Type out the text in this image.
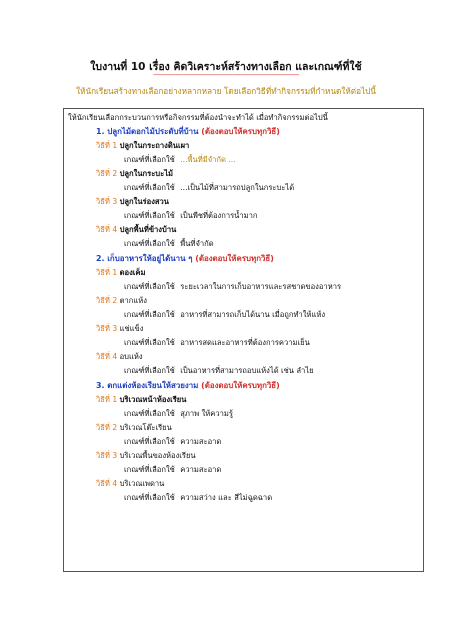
ใบงานที่ 10 เรื่อง คิดวิเคราะห์สร้างทางเลือก และเกณฑ์ที่ใช้
------------------------------------------------------------------------
ให้นักเรียนสร้างทางเลือกอย่างหลากหลาย โดยเลือกวิธีที่ทำกิจกรรมที่กำหนดให้ต่อไปนี้
ให้นักเรียนเลือกกระบวนการหรือกิจกรรมที่ต้องนำจะทำได้ เมื่อทำกิจกรรมต่อไปนี้
1. ปลูกไม้ดอกไม้ประดับที่บ้าน (ต้องตอบให้ครบทุกวิธี)
วิธีที่ 1 ปลูกในกระถางดินเผา
เกณฑ์ที่เลือกใช้ ...พื้นที่มีจำกัด ...
วิธีที่ 2 ปลูกในกระบะไม้
เกณฑ์ที่เลือกใช้ ...เป็นไม้ที่สามารถปลูกในกระบะได้
วิธีที่ 3 ปลูกในร่องสวน
เกณฑ์ที่เลือกใช้ เป็นพืชที่ต้องการน้ำมาก
วิธีที่ 4 ปลูกพื้นที่ข้างบ้าน
เกณฑ์ที่เลือกใช้ พื้นที่จำกัด
2. เก็บอาหารให้อยู่ได้นาน ๆ (ต้องตอบให้ครบทุกวิธี)
วิธีที่ 1 ดองเค็ม
เกณฑ์ที่เลือกใช้ ระยะเวลาในการเก็บอาหารและรสชาดของอาหาร
วิธีที่ 2 ตากแห้ง
เกณฑ์ที่เลือกใช้ อาหารที่สามารถเก็บได้นาน เมื่อถูกทำให้แห้ง
วิธีที่ 3 แช่แข็ง
เกณฑ์ที่เลือกใช้ อาหารสดและอาหารที่ต้องการความเย็น
วิธีที่ 4 อบแห้ง
เกณฑ์ที่เลือกใช้ เป็นอาหารที่สามารถอบแห้งได้ เช่น ลำไย
3. ตกแต่งห้องเรียนให้สวยงาม (ต้องตอบให้ครบทุกวิธี)
วิธีที่ 1 บริเวณหน้าห้องเรียน
เกณฑ์ที่เลือกใช้ สุภาพ ให้ความรู้
วิธีที่ 2 บริเวณโต๊ะเรียน
เกณฑ์ที่เลือกใช้ ความสะอาด
วิธีที่ 3 บริเวณพื้นของห้องเรียน
เกณฑ์ที่เลือกใช้ ความสะอาด
วิธีที่ 4 บริเวณเพดาน
เกณฑ์ที่เลือกใช้ ความสว่าง และ สีไม่ฉูดฉาด
